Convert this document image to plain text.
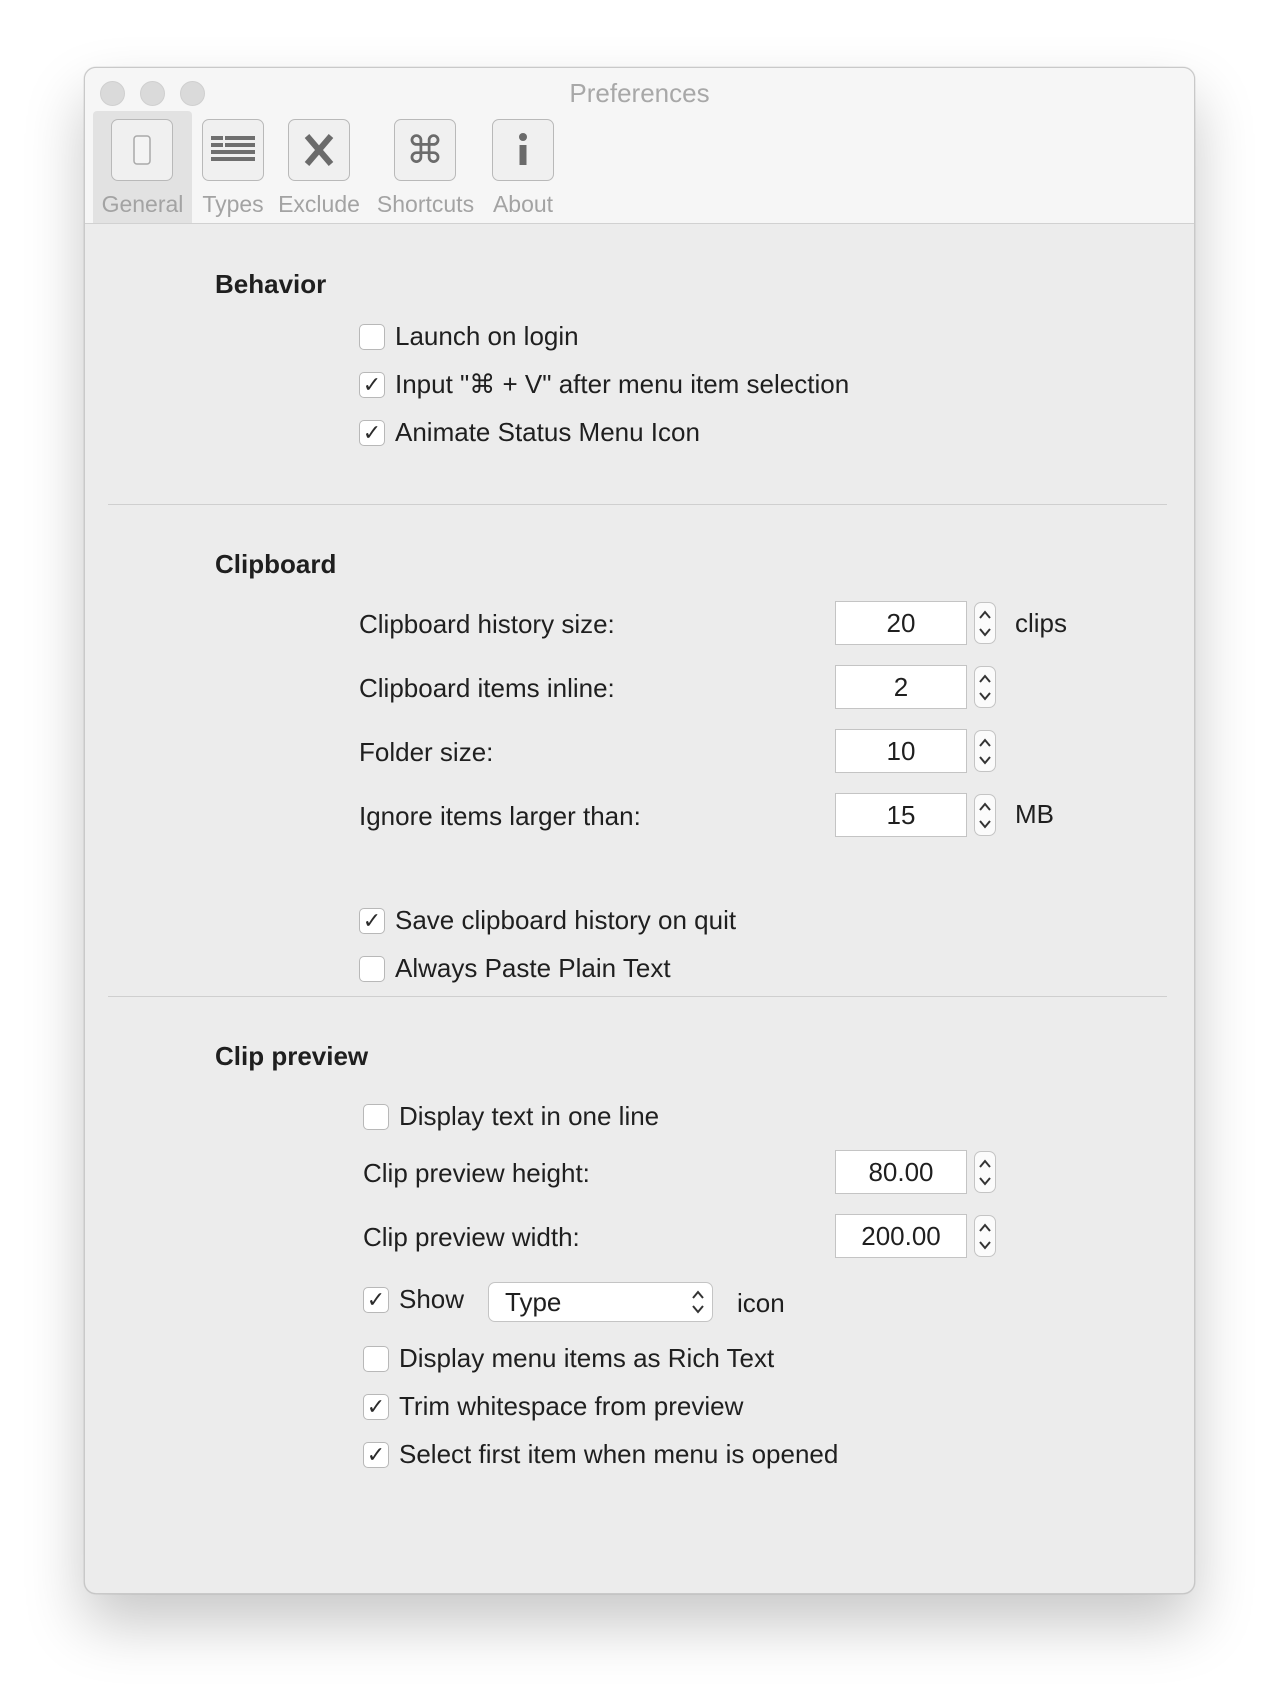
Preferences
General Types Exclude
⌘
Shortcuts About
Behavior
Launch on login
✓ Input "⌘ + V" after menu item selection
✓ Animate Status Menu Icon
Clipboard
Clipboard history size:	20	clips
Clipboard items inline:	2
Folder size:	10
Ignore items larger than:	15	MB
✓ Save clipboard history on quit
Always Paste Plain Text
Clip preview
Display text in one line
Clip preview height:	80.00
Clip preview width:	200.00
✓ Show	Type	icon
Display menu items as Rich Text
✓ Trim whitespace from preview
✓ Select first item when menu is opened
